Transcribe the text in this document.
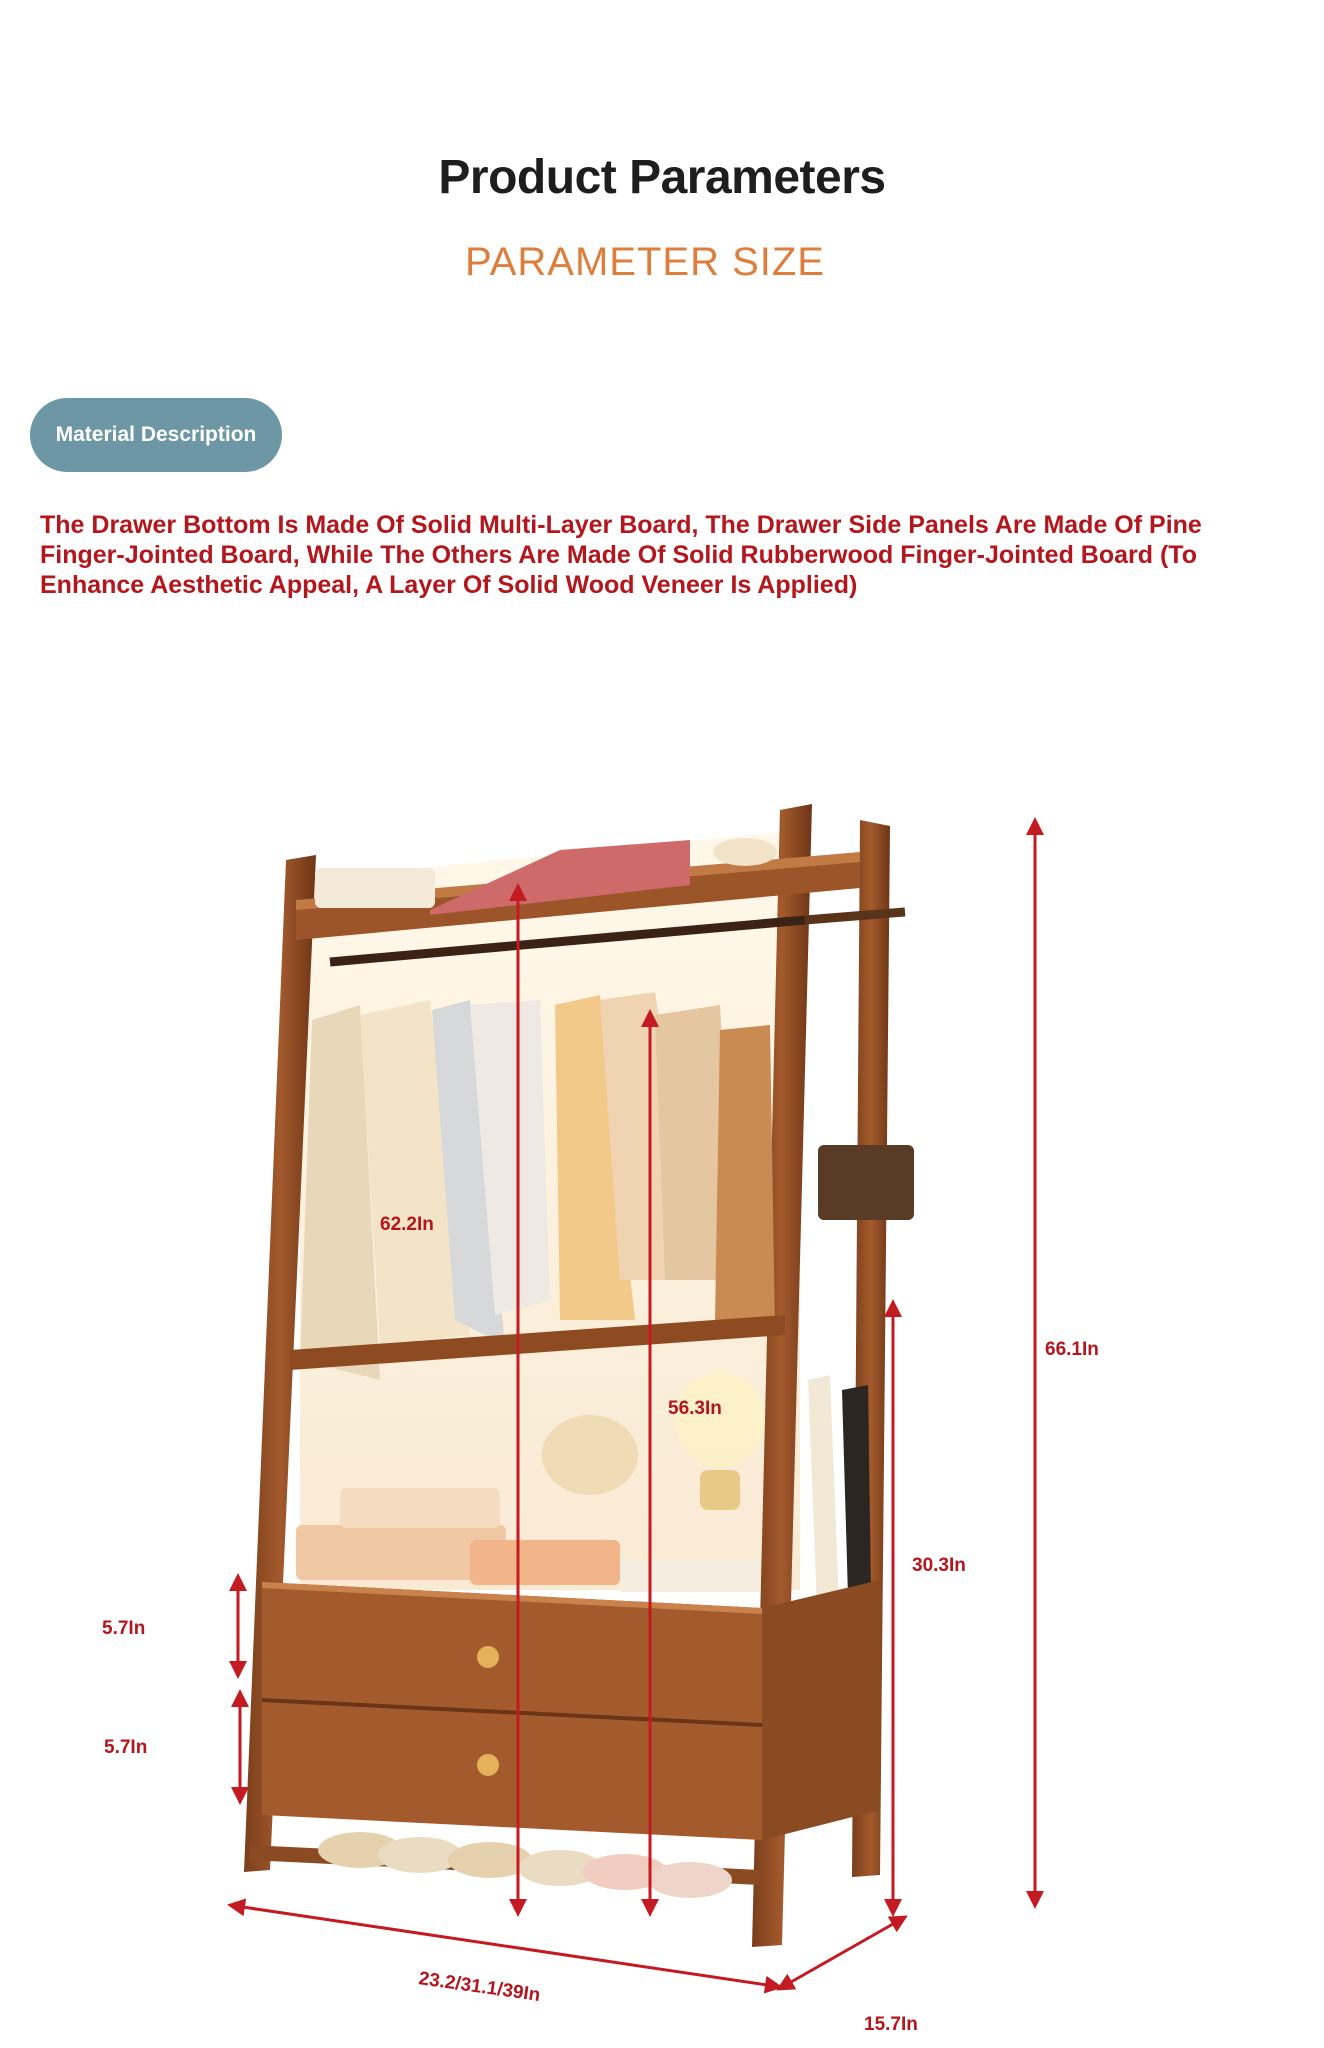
Product Parameters
PARAMETER SIZE
Material Description
The Drawer Bottom Is Made Of Solid Multi-Layer Board, The Drawer Side Panels Are Made Of Pine Finger-Jointed Board, While The Others Are Made Of Solid Rubberwood Finger-Jointed Board (To Enhance Aesthetic Appeal, A Layer Of Solid Wood Veneer Is Applied)
66.1In
62.2In
56.3In
30.3In
5.7In
5.7In
23.2/31.1/39In
15.7In
